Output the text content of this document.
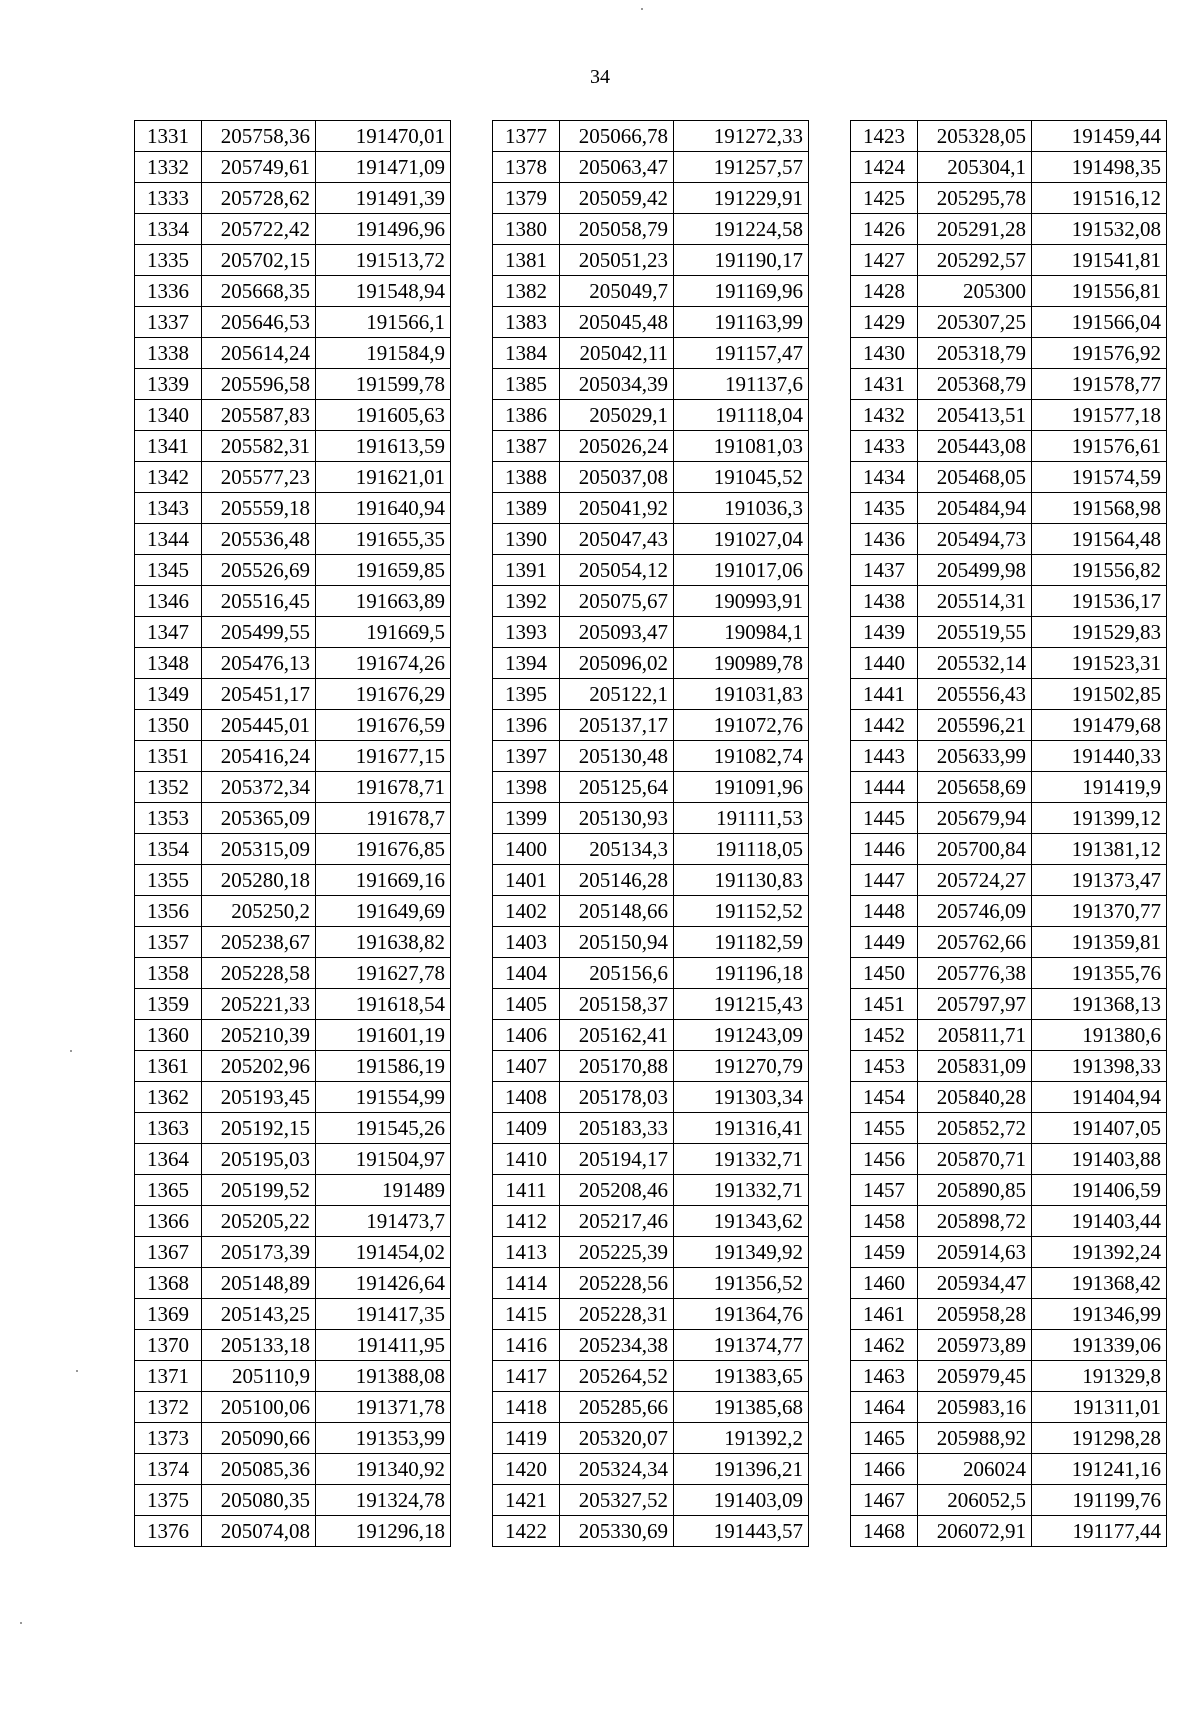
34
1331	205758,36	191470,01
1332	205749,61	191471,09
1333	205728,62	191491,39
1334	205722,42	191496,96
1335	205702,15	191513,72
1336	205668,35	191548,94
1337	205646,53	191566,1
1338	205614,24	191584,9
1339	205596,58	191599,78
1340	205587,83	191605,63
1341	205582,31	191613,59
1342	205577,23	191621,01
1343	205559,18	191640,94
1344	205536,48	191655,35
1345	205526,69	191659,85
1346	205516,45	191663,89
1347	205499,55	191669,5
1348	205476,13	191674,26
1349	205451,17	191676,29
1350	205445,01	191676,59
1351	205416,24	191677,15
1352	205372,34	191678,71
1353	205365,09	191678,7
1354	205315,09	191676,85
1355	205280,18	191669,16
1356	205250,2	191649,69
1357	205238,67	191638,82
1358	205228,58	191627,78
1359	205221,33	191618,54
1360	205210,39	191601,19
1361	205202,96	191586,19
1362	205193,45	191554,99
1363	205192,15	191545,26
1364	205195,03	191504,97
1365	205199,52	191489
1366	205205,22	191473,7
1367	205173,39	191454,02
1368	205148,89	191426,64
1369	205143,25	191417,35
1370	205133,18	191411,95
1371	205110,9	191388,08
1372	205100,06	191371,78
1373	205090,66	191353,99
1374	205085,36	191340,92
1375	205080,35	191324,78
1376	205074,08	191296,18
1377	205066,78	191272,33
1378	205063,47	191257,57
1379	205059,42	191229,91
1380	205058,79	191224,58
1381	205051,23	191190,17
1382	205049,7	191169,96
1383	205045,48	191163,99
1384	205042,11	191157,47
1385	205034,39	191137,6
1386	205029,1	191118,04
1387	205026,24	191081,03
1388	205037,08	191045,52
1389	205041,92	191036,3
1390	205047,43	191027,04
1391	205054,12	191017,06
1392	205075,67	190993,91
1393	205093,47	190984,1
1394	205096,02	190989,78
1395	205122,1	191031,83
1396	205137,17	191072,76
1397	205130,48	191082,74
1398	205125,64	191091,96
1399	205130,93	191111,53
1400	205134,3	191118,05
1401	205146,28	191130,83
1402	205148,66	191152,52
1403	205150,94	191182,59
1404	205156,6	191196,18
1405	205158,37	191215,43
1406	205162,41	191243,09
1407	205170,88	191270,79
1408	205178,03	191303,34
1409	205183,33	191316,41
1410	205194,17	191332,71
1411	205208,46	191332,71
1412	205217,46	191343,62
1413	205225,39	191349,92
1414	205228,56	191356,52
1415	205228,31	191364,76
1416	205234,38	191374,77
1417	205264,52	191383,65
1418	205285,66	191385,68
1419	205320,07	191392,2
1420	205324,34	191396,21
1421	205327,52	191403,09
1422	205330,69	191443,57
1423	205328,05	191459,44
1424	205304,1	191498,35
1425	205295,78	191516,12
1426	205291,28	191532,08
1427	205292,57	191541,81
1428	205300	191556,81
1429	205307,25	191566,04
1430	205318,79	191576,92
1431	205368,79	191578,77
1432	205413,51	191577,18
1433	205443,08	191576,61
1434	205468,05	191574,59
1435	205484,94	191568,98
1436	205494,73	191564,48
1437	205499,98	191556,82
1438	205514,31	191536,17
1439	205519,55	191529,83
1440	205532,14	191523,31
1441	205556,43	191502,85
1442	205596,21	191479,68
1443	205633,99	191440,33
1444	205658,69	191419,9
1445	205679,94	191399,12
1446	205700,84	191381,12
1447	205724,27	191373,47
1448	205746,09	191370,77
1449	205762,66	191359,81
1450	205776,38	191355,76
1451	205797,97	191368,13
1452	205811,71	191380,6
1453	205831,09	191398,33
1454	205840,28	191404,94
1455	205852,72	191407,05
1456	205870,71	191403,88
1457	205890,85	191406,59
1458	205898,72	191403,44
1459	205914,63	191392,24
1460	205934,47	191368,42
1461	205958,28	191346,99
1462	205973,89	191339,06
1463	205979,45	191329,8
1464	205983,16	191311,01
1465	205988,92	191298,28
1466	206024	191241,16
1467	206052,5	191199,76
1468	206072,91	191177,44
